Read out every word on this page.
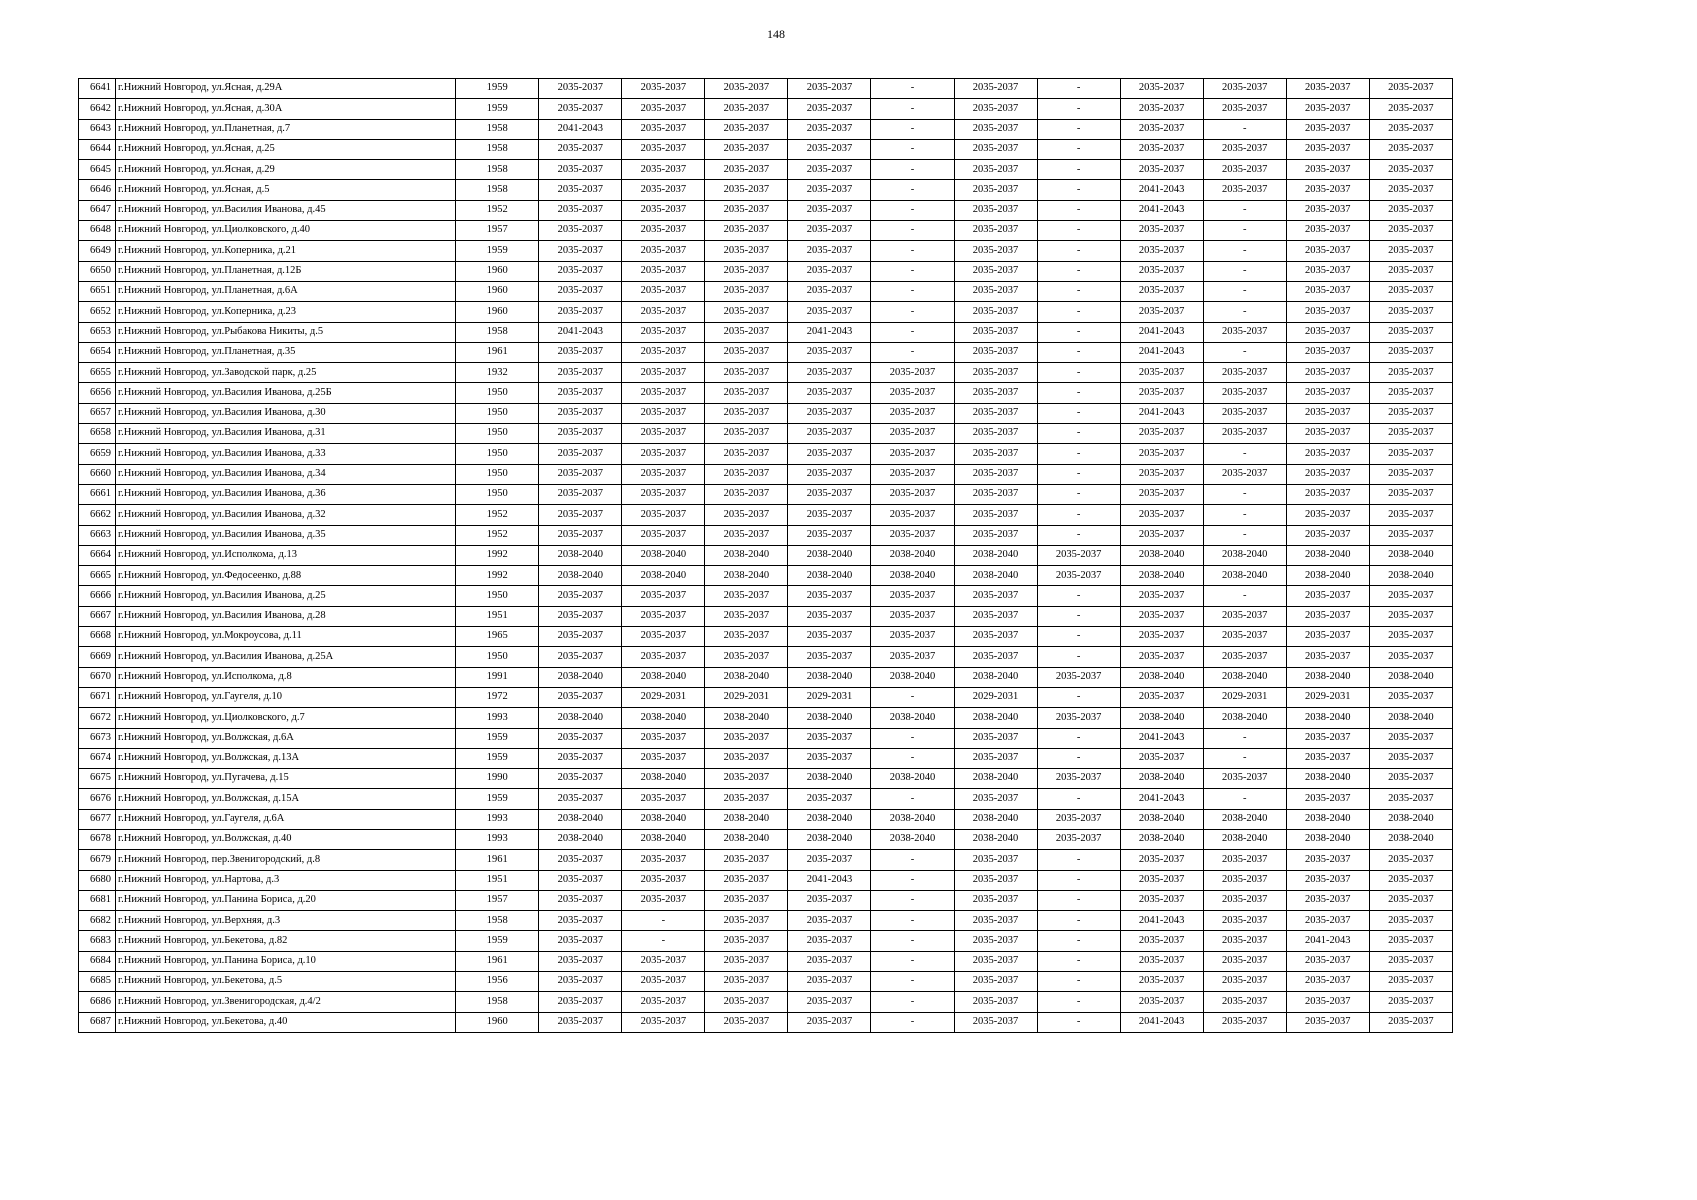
148
6641	г.Нижний Новгород, ул.Ясная, д.29А	1959	2035-2037	2035-2037	2035-2037	2035-2037	-	2035-2037	-	2035-2037	2035-2037	2035-2037	2035-2037
6642	г.Нижний Новгород, ул.Ясная, д.30А	1959	2035-2037	2035-2037	2035-2037	2035-2037	-	2035-2037	-	2035-2037	2035-2037	2035-2037	2035-2037
6643	г.Нижний Новгород, ул.Планетная, д.7	1958	2041-2043	2035-2037	2035-2037	2035-2037	-	2035-2037	-	2035-2037	-	2035-2037	2035-2037
6644	г.Нижний Новгород, ул.Ясная, д.25	1958	2035-2037	2035-2037	2035-2037	2035-2037	-	2035-2037	-	2035-2037	2035-2037	2035-2037	2035-2037
6645	г.Нижний Новгород, ул.Ясная, д.29	1958	2035-2037	2035-2037	2035-2037	2035-2037	-	2035-2037	-	2035-2037	2035-2037	2035-2037	2035-2037
6646	г.Нижний Новгород, ул.Ясная, д.5	1958	2035-2037	2035-2037	2035-2037	2035-2037	-	2035-2037	-	2041-2043	2035-2037	2035-2037	2035-2037
6647	г.Нижний Новгород, ул.Василия Иванова, д.45	1952	2035-2037	2035-2037	2035-2037	2035-2037	-	2035-2037	-	2041-2043	-	2035-2037	2035-2037
6648	г.Нижний Новгород, ул.Циолковского, д.40	1957	2035-2037	2035-2037	2035-2037	2035-2037	-	2035-2037	-	2035-2037	-	2035-2037	2035-2037
6649	г.Нижний Новгород, ул.Коперника, д.21	1959	2035-2037	2035-2037	2035-2037	2035-2037	-	2035-2037	-	2035-2037	-	2035-2037	2035-2037
6650	г.Нижний Новгород, ул.Планетная, д.12Б	1960	2035-2037	2035-2037	2035-2037	2035-2037	-	2035-2037	-	2035-2037	-	2035-2037	2035-2037
6651	г.Нижний Новгород, ул.Планетная, д.6А	1960	2035-2037	2035-2037	2035-2037	2035-2037	-	2035-2037	-	2035-2037	-	2035-2037	2035-2037
6652	г.Нижний Новгород, ул.Коперника, д.23	1960	2035-2037	2035-2037	2035-2037	2035-2037	-	2035-2037	-	2035-2037	-	2035-2037	2035-2037
6653	г.Нижний Новгород, ул.Рыбакова Никиты, д.5	1958	2041-2043	2035-2037	2035-2037	2041-2043	-	2035-2037	-	2041-2043	2035-2037	2035-2037	2035-2037
6654	г.Нижний Новгород, ул.Планетная, д.35	1961	2035-2037	2035-2037	2035-2037	2035-2037	-	2035-2037	-	2041-2043	-	2035-2037	2035-2037
6655	г.Нижний Новгород, ул.Заводской парк, д.25	1932	2035-2037	2035-2037	2035-2037	2035-2037	2035-2037	2035-2037	-	2035-2037	2035-2037	2035-2037	2035-2037
6656	г.Нижний Новгород, ул.Василия Иванова, д.25Б	1950	2035-2037	2035-2037	2035-2037	2035-2037	2035-2037	2035-2037	-	2035-2037	2035-2037	2035-2037	2035-2037
6657	г.Нижний Новгород, ул.Василия Иванова, д.30	1950	2035-2037	2035-2037	2035-2037	2035-2037	2035-2037	2035-2037	-	2041-2043	2035-2037	2035-2037	2035-2037
6658	г.Нижний Новгород, ул.Василия Иванова, д.31	1950	2035-2037	2035-2037	2035-2037	2035-2037	2035-2037	2035-2037	-	2035-2037	2035-2037	2035-2037	2035-2037
6659	г.Нижний Новгород, ул.Василия Иванова, д.33	1950	2035-2037	2035-2037	2035-2037	2035-2037	2035-2037	2035-2037	-	2035-2037	-	2035-2037	2035-2037
6660	г.Нижний Новгород, ул.Василия Иванова, д.34	1950	2035-2037	2035-2037	2035-2037	2035-2037	2035-2037	2035-2037	-	2035-2037	2035-2037	2035-2037	2035-2037
6661	г.Нижний Новгород, ул.Василия Иванова, д.36	1950	2035-2037	2035-2037	2035-2037	2035-2037	2035-2037	2035-2037	-	2035-2037	-	2035-2037	2035-2037
6662	г.Нижний Новгород, ул.Василия Иванова, д.32	1952	2035-2037	2035-2037	2035-2037	2035-2037	2035-2037	2035-2037	-	2035-2037	-	2035-2037	2035-2037
6663	г.Нижний Новгород, ул.Василия Иванова, д.35	1952	2035-2037	2035-2037	2035-2037	2035-2037	2035-2037	2035-2037	-	2035-2037	-	2035-2037	2035-2037
6664	г.Нижний Новгород, ул.Исполкома, д.13	1992	2038-2040	2038-2040	2038-2040	2038-2040	2038-2040	2038-2040	2035-2037	2038-2040	2038-2040	2038-2040	2038-2040
6665	г.Нижний Новгород, ул.Федосеенко, д.88	1992	2038-2040	2038-2040	2038-2040	2038-2040	2038-2040	2038-2040	2035-2037	2038-2040	2038-2040	2038-2040	2038-2040
6666	г.Нижний Новгород, ул.Василия Иванова, д.25	1950	2035-2037	2035-2037	2035-2037	2035-2037	2035-2037	2035-2037	-	2035-2037	-	2035-2037	2035-2037
6667	г.Нижний Новгород, ул.Василия Иванова, д.28	1951	2035-2037	2035-2037	2035-2037	2035-2037	2035-2037	2035-2037	-	2035-2037	2035-2037	2035-2037	2035-2037
6668	г.Нижний Новгород, ул.Мокроусова, д.11	1965	2035-2037	2035-2037	2035-2037	2035-2037	2035-2037	2035-2037	-	2035-2037	2035-2037	2035-2037	2035-2037
6669	г.Нижний Новгород, ул.Василия Иванова, д.25А	1950	2035-2037	2035-2037	2035-2037	2035-2037	2035-2037	2035-2037	-	2035-2037	2035-2037	2035-2037	2035-2037
6670	г.Нижний Новгород, ул.Исполкома, д.8	1991	2038-2040	2038-2040	2038-2040	2038-2040	2038-2040	2038-2040	2035-2037	2038-2040	2038-2040	2038-2040	2038-2040
6671	г.Нижний Новгород, ул.Гаугеля, д.10	1972	2035-2037	2029-2031	2029-2031	2029-2031	-	2029-2031	-	2035-2037	2029-2031	2029-2031	2035-2037
6672	г.Нижний Новгород, ул.Циолковского, д.7	1993	2038-2040	2038-2040	2038-2040	2038-2040	2038-2040	2038-2040	2035-2037	2038-2040	2038-2040	2038-2040	2038-2040
6673	г.Нижний Новгород, ул.Волжская, д.6А	1959	2035-2037	2035-2037	2035-2037	2035-2037	-	2035-2037	-	2041-2043	-	2035-2037	2035-2037
6674	г.Нижний Новгород, ул.Волжская, д.13А	1959	2035-2037	2035-2037	2035-2037	2035-2037	-	2035-2037	-	2035-2037	-	2035-2037	2035-2037
6675	г.Нижний Новгород, ул.Пугачева, д.15	1990	2035-2037	2038-2040	2035-2037	2038-2040	2038-2040	2038-2040	2035-2037	2038-2040	2035-2037	2038-2040	2035-2037
6676	г.Нижний Новгород, ул.Волжская, д.15А	1959	2035-2037	2035-2037	2035-2037	2035-2037	-	2035-2037	-	2041-2043	-	2035-2037	2035-2037
6677	г.Нижний Новгород, ул.Гаугеля, д.6А	1993	2038-2040	2038-2040	2038-2040	2038-2040	2038-2040	2038-2040	2035-2037	2038-2040	2038-2040	2038-2040	2038-2040
6678	г.Нижний Новгород, ул.Волжская, д.40	1993	2038-2040	2038-2040	2038-2040	2038-2040	2038-2040	2038-2040	2035-2037	2038-2040	2038-2040	2038-2040	2038-2040
6679	г.Нижний Новгород, пер.Звенигородский, д.8	1961	2035-2037	2035-2037	2035-2037	2035-2037	-	2035-2037	-	2035-2037	2035-2037	2035-2037	2035-2037
6680	г.Нижний Новгород, ул.Нартова, д.3	1951	2035-2037	2035-2037	2035-2037	2041-2043	-	2035-2037	-	2035-2037	2035-2037	2035-2037	2035-2037
6681	г.Нижний Новгород, ул.Панина Бориса, д.20	1957	2035-2037	2035-2037	2035-2037	2035-2037	-	2035-2037	-	2035-2037	2035-2037	2035-2037	2035-2037
6682	г.Нижний Новгород, ул.Верхняя, д.3	1958	2035-2037	-	2035-2037	2035-2037	-	2035-2037	-	2041-2043	2035-2037	2035-2037	2035-2037
6683	г.Нижний Новгород, ул.Бекетова, д.82	1959	2035-2037	-	2035-2037	2035-2037	-	2035-2037	-	2035-2037	2035-2037	2041-2043	2035-2037
6684	г.Нижний Новгород, ул.Панина Бориса, д.10	1961	2035-2037	2035-2037	2035-2037	2035-2037	-	2035-2037	-	2035-2037	2035-2037	2035-2037	2035-2037
6685	г.Нижний Новгород, ул.Бекетова, д.5	1956	2035-2037	2035-2037	2035-2037	2035-2037	-	2035-2037	-	2035-2037	2035-2037	2035-2037	2035-2037
6686	г.Нижний Новгород, ул.Звенигородская, д.4/2	1958	2035-2037	2035-2037	2035-2037	2035-2037	-	2035-2037	-	2035-2037	2035-2037	2035-2037	2035-2037
6687	г.Нижний Новгород, ул.Бекетова, д.40	1960	2035-2037	2035-2037	2035-2037	2035-2037	-	2035-2037	-	2041-2043	2035-2037	2035-2037	2035-2037
